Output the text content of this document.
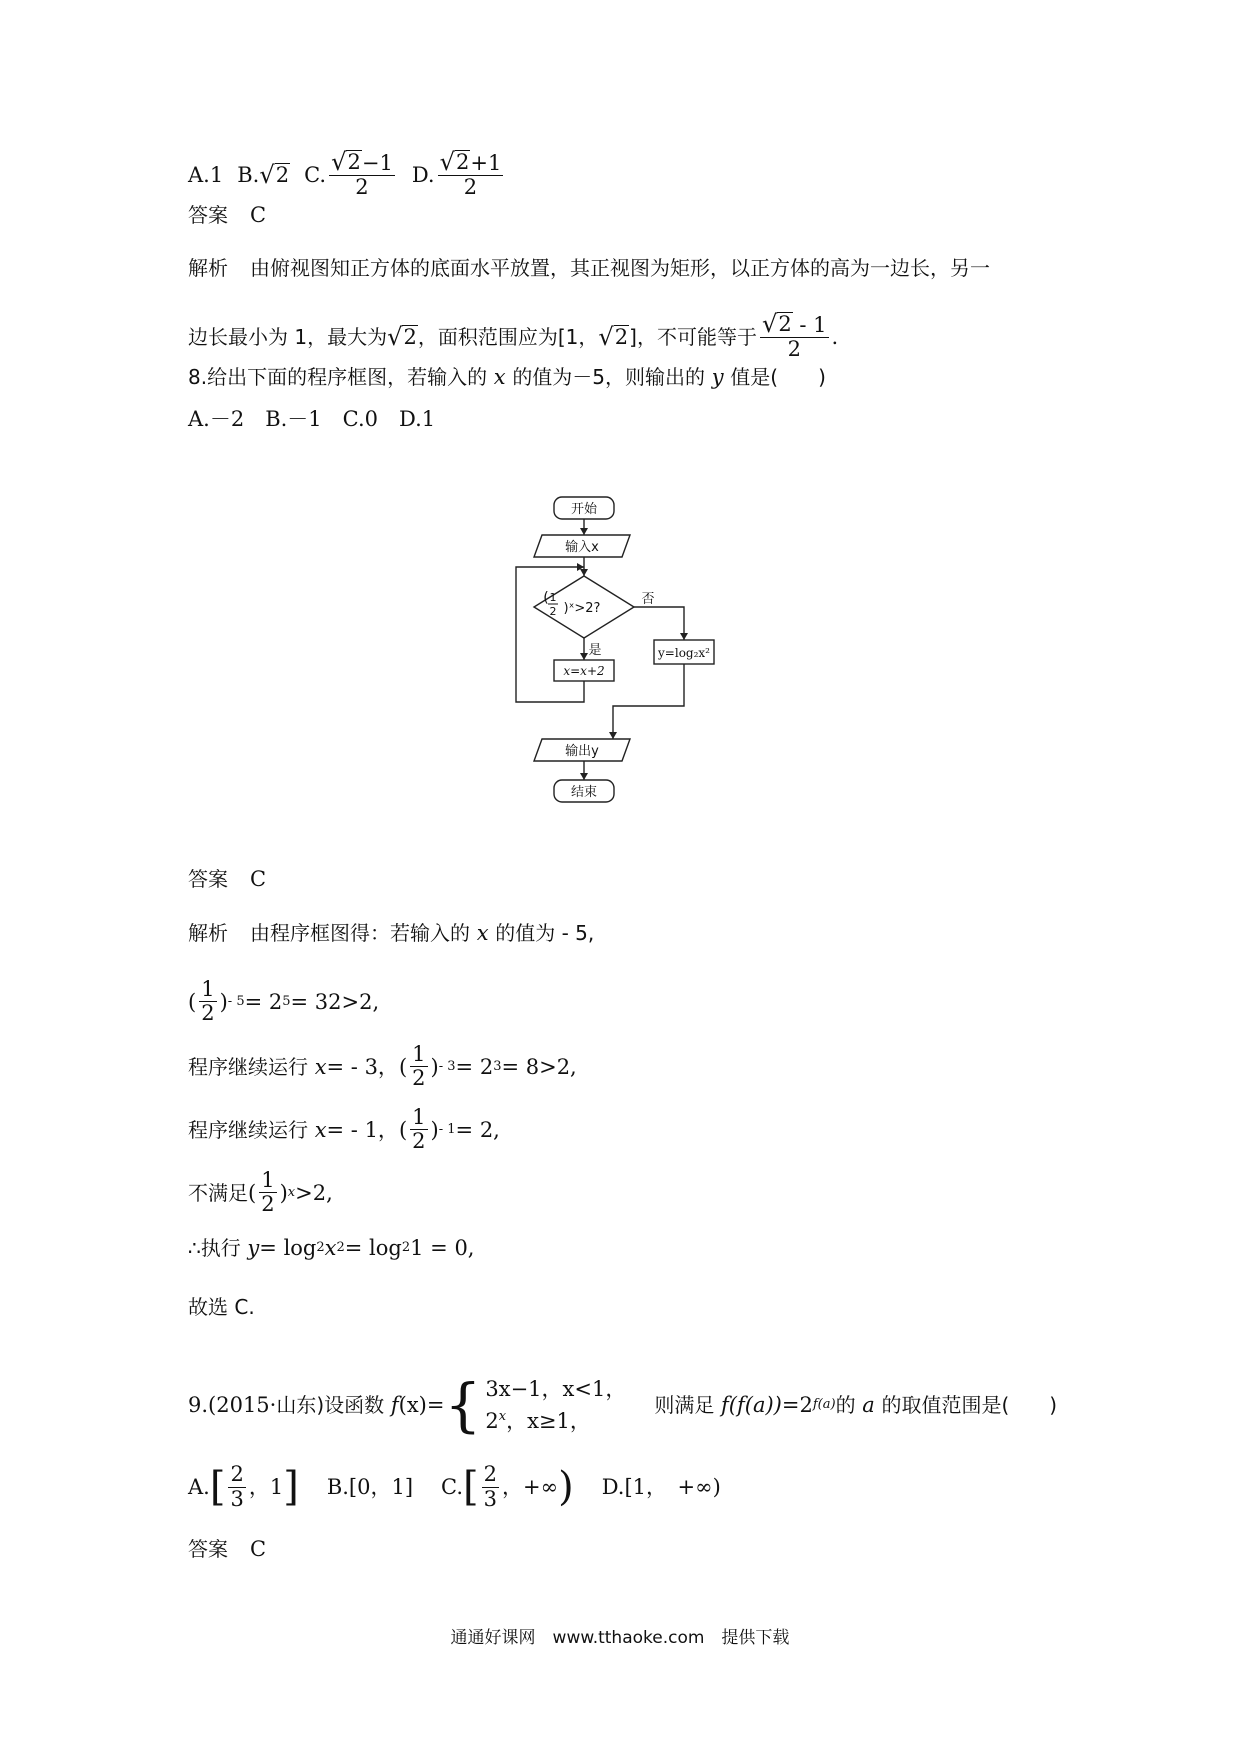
A.1 B. √ 2 C. $\frac{√ 2 -1}{2} D$. $\frac{√ 2 +1}{2}$
答案 C
解析 由俯视图知正方体的底面水平放置，其正视图为矩形，以正方体的高为一边长，另一
边长最小为 1，最大为 √ 2 ，面积范围应为[1， √ 2 ]，不可能等于 $\frac{√ 2 - 1}{2}$ .
8.给出下面的程序框图，若输入的
x
的值为－5，则输出的
y
值是(　　)
A.－2　B.－1　C.0　D.1
开始
输入x
( 1
2 )ˣ>2?
是
否
x=x+2
y=log₂x²
输出y
结束
答案 C
解析 由程序框图得：若输入的
x
的值为 - 5,
( $\frac{1}{2}$ ) - 5 = 2 5 = 32>2,
程序继续运行
x = - 3， ( $\frac{1}{2}$ ) - 3 = 2 3 = 8>2,
程序继续运行
x = - 1， ( $\frac{1}{2}$ ) - 1 = 2,
不满足 ( $\frac{1}{2}$ ) x >2,
∴执行
y = log 2 x 2 = log 2 1 = 0,
故选 C.
9.(2015· 山东 )设函数
f (x)= { 3x−1，x<1，
2$^x$，x≥1，
则满足
f(f(a)) =2 f(a) 的
a
的取值范围是(　　)
A. [ $\frac{2}{3}$ ，1 ] B.[0，1] C. [ $\frac{2}{3}$ ，+∞ ) D.[1，　+∞)
答案 C
通通好课网　www.tthaoke.com　提供下载
